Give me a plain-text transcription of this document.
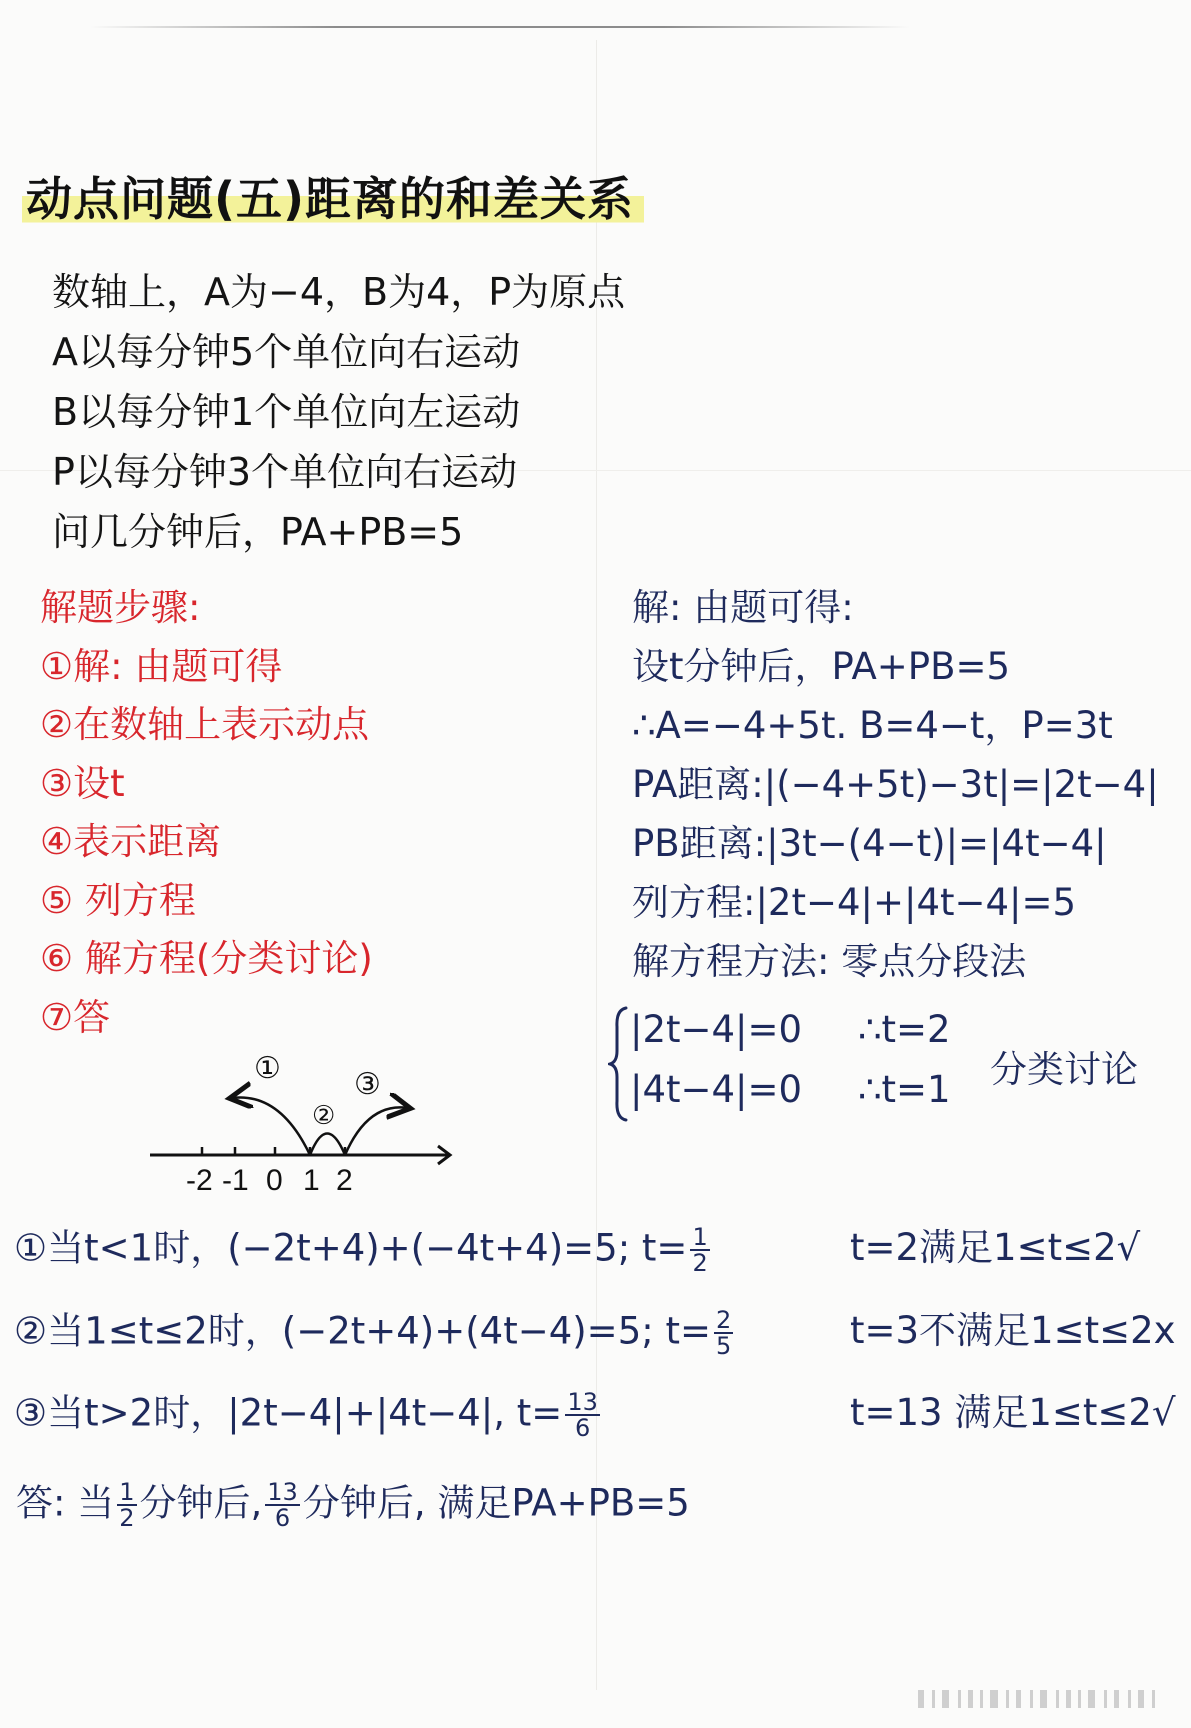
动点问题(五)距离的和差关系
数轴上，A为−4，B为4，P为原点
A以每分钟5个单位向右运动
B以每分钟1个单位向左运动
P以每分钟3个单位向右运动
问几分钟后，PA+PB=5
解题步骤:
①解: 由题可得
②在数轴上表示动点
③设t
④表示距离
⑤ 列方程
⑥ 解方程(分类讨论)
⑦答
解: 由题可得:
设t分钟后，PA+PB=5
∴A=−4+5t. B=4−t，P=3t
PA距离:|(−4+5t)−3t|=|2t−4|
PB距离:|3t−(4−t)|=|4t−4|
列方程:|2t−4|+|4t−4|=5
解方程方法: 零点分段法
|2t−4|=0 ∴t=2
|4t−4|=0 ∴t=1 分类讨论
-2 -1 0 1 2
①
②
③
①当t<1时，(−2t+4)+(−4t+4)=5; $t= \frac{1}{2}$	t=2满足1≤t≤2√
②当1≤t≤2时，(−2t+4)+(4t−4)=5; $t= \frac{2}{5}$	t=3不满足1≤t≤2x
③当t>2时，|2t−4|+|4t−4|, $t= \frac{13}{6}$	t=13 满足1≤t≤2√
答: 当 $\frac{1}{2}$ 分钟后, $\frac{13}{6}$ 分钟后, 满足PA+PB=5
